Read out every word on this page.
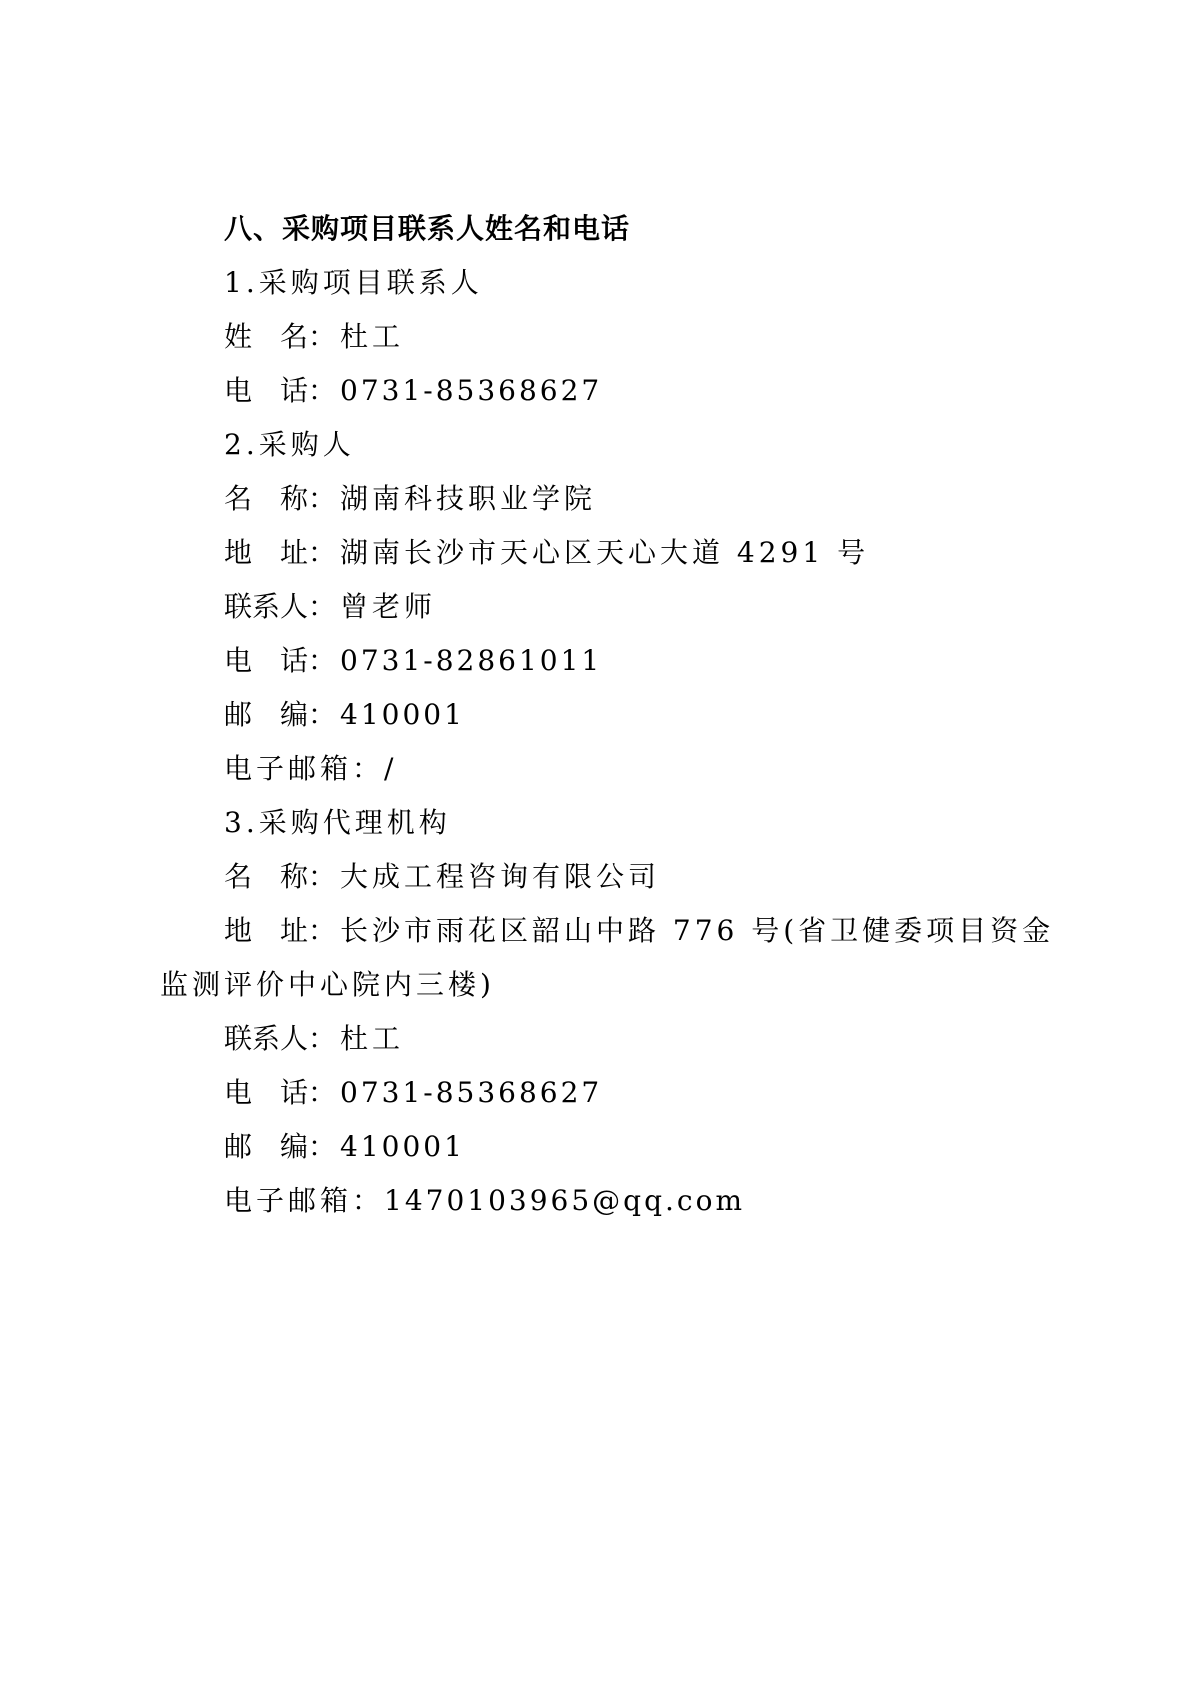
八、采购项目联系人姓名和电话
1.采购项目联系人
姓 名：杜工
电 话：0731-85368627
2.采购人
名 称：湖南科技职业学院
地 址：湖南长沙市天心区天心大道 4291 号
联系人：曾老师
电 话：0731-82861011
邮 编：410001
电子邮箱：/
3.采购代理机构
名 称：大成工程咨询有限公司
地 址：长沙市雨花区韶山中路 776 号(省卫健委项目资金
监测评价中心院内三楼)
联系人：杜工
电 话：0731-85368627
邮 编：410001
电子邮箱：1470103965@qq.com
